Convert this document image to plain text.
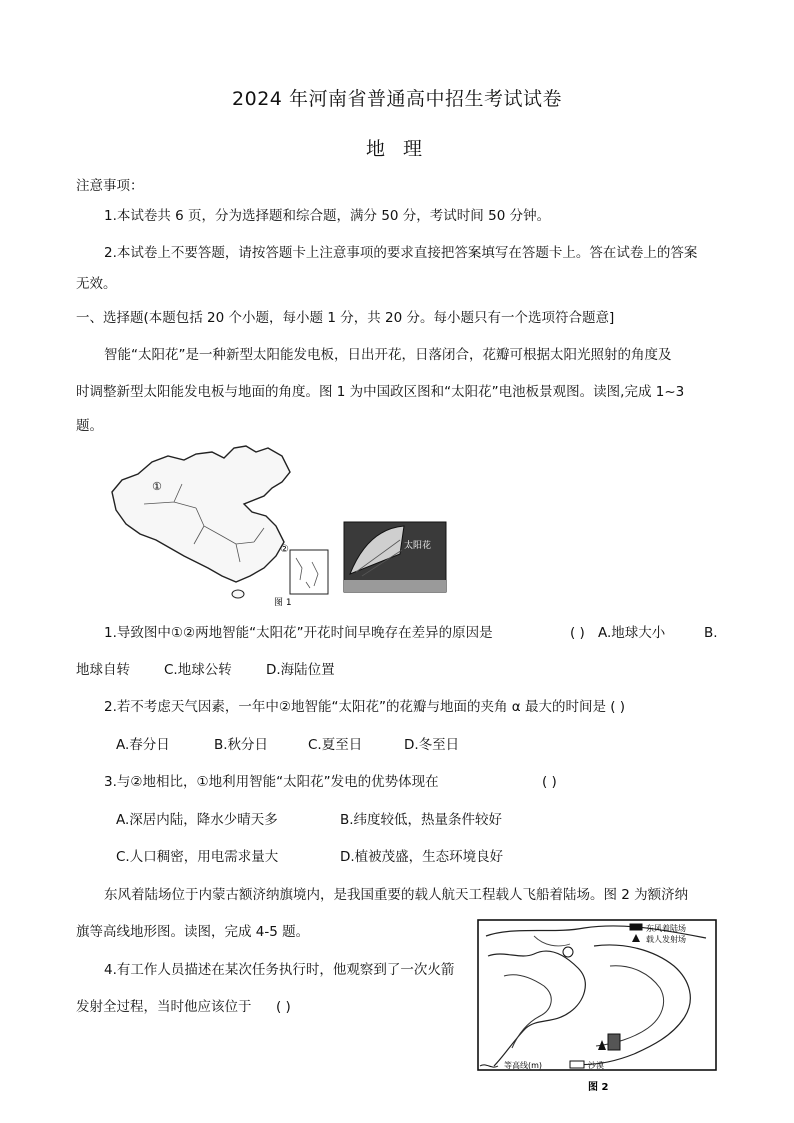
2024 年河南省普通高中招生考试试卷
地 理
注意事项：
1.本试卷共 6 页，分为选择题和综合题，满分 50 分，考试时间 50 分钟。
2.本试卷上不要答题，请按答题卡上注意事项的要求直接把答案填写在答题卡上。答在试卷上的答案
无效。
一、选择题(本题包括 20 个小题，每小题 1 分，共 20 分。每小题只有一个选项符合题意]
智能“太阳花”是一种新型太阳能发电板，日出开花，日落闭合，花瓣可根据太阳光照射的角度及
时调整新型太阳能发电板与地面的角度。图 1 为中国政区图和“太阳花”电池板景观图。读图,完成 1~3
题。
①
②	太阳花
图 1
1.导致图中①②两地智能“太阳花”开花时间早晚存在差异的原因是	( ) A.地球大小	B.
地球自转	C.地球公转	D.海陆位置
2.若不考虑天气因素，一年中②地智能“太阳花”的花瓣与地面的夹角 α 最大的时间是 ( )
A.春分日	B.秋分日	C.夏至日	D.冬至日
3.与②地相比，①地利用智能“太阳花”发电的优势体现在	( )
A.深居内陆，降水少晴天多	B.纬度较低，热量条件较好
C.人口稠密，用电需求量大	D.植被茂盛，生态环境良好
东风着陆场位于内蒙古额济纳旗境内，是我国重要的载人航天工程载人飞船着陆场。图 2 为额济纳
旗等高线地形图。读图，完成 4-5 题。
4.有工作人员描述在某次任务执行时，他观察到了一次火箭
发射全过程，当时他应该位于 ( )
东风着陆场
载人发射场
等高线(m)	沙漠
图 2
